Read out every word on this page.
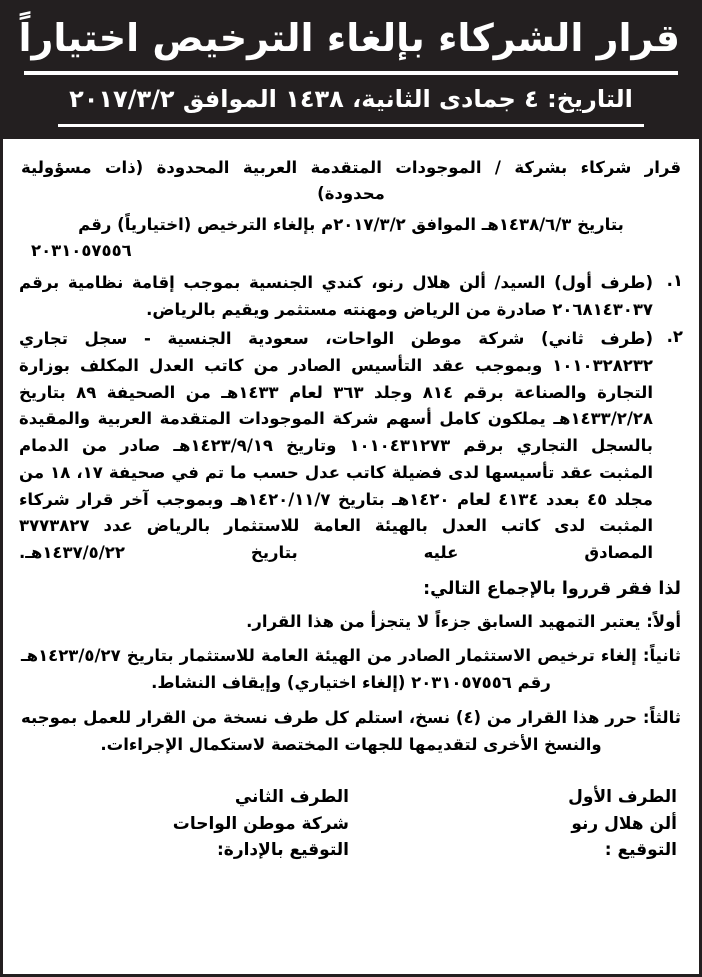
قرار الشركاء بإلغاء الترخيص اختياراً
التاريخ: ٤ جمادى الثانية، ١٤٣٨ الموافق ٢٠١٧/٣/٢
قرار شركاء بشركة / الموجودات المتقدمة العربية المحدودة (ذات مسؤولية محدودة)
بتاريخ ١٤٣٨/٦/٣هـ الموافق ٢٠١٧/٣/٢م بإلغاء الترخيص (اختيارياً) رقم
٢٠٣١٠٥٧٥٥٦
١.
(طرف أول) السيد/ ألن هلال رنو، كندي الجنسية بموجب إقامة نظامية برقم ٢٠٦٨١٤٣٠٣٧ صادرة من الرياض ومهنته مستثمر ويقيم بالرياض.
٢.
(طرف ثاني) شركة موطن الواحات، سعودية الجنسية - سجل تجاري ١٠١٠٣٢٨٢٣٢ وبموجب عقد التأسيس الصادر من كاتب العدل المكلف بوزارة التجارة والصناعة برقم ٨١٤ وجلد ٣٦٣ لعام ١٤٣٣هـ من الصحيفة ٨٩ بتاريخ ١٤٣٣/٢/٢٨هـ يملكون كامل أسهم شركة الموجودات المتقدمة العربية والمقيدة بالسجل التجاري برقم ١٠١٠٤٣١٢٧٣ وتاريخ ١٤٢٣/٩/١٩هـ صادر من الدمام المثبت عقد تأسيسها لدى فضيلة كاتب عدل حسب ما تم في صحيفة ١٧، ١٨ من مجلد ٤٥ بعدد ٤١٣٤ لعام ١٤٢٠هـ بتاريخ ١٤٢٠/١١/٧هـ وبموجب آخر قرار شركاء المثبت لدى كاتب العدل بالهيئة العامة للاستثمار بالرياض عدد ٣٧٧٣٨٢٧ المصادق عليه بتاريخ ١٤٣٧/٥/٢٢هـ.
لذا فقر قرروا بالإجماع التالي:
أولاً: يعتبر التمهيد السابق جزءاً لا يتجزأ من هذا القرار.
ثانياً: إلغاء ترخيص الاستثمار الصادر من الهيئة العامة للاستثمار بتاريخ ١٤٢٣/٥/٢٧هـ رقم ٢٠٣١٠٥٧٥٥٦ (إلغاء اختياري) وإيقاف النشاط.
ثالثاً: حرر هذا القرار من (٤) نسخ، استلم كل طرف نسخة من القرار للعمل بموجبه والنسخ الأخرى لتقديمها للجهات المختصة لاستكمال الإجراءات.
الطرف الأول
ألن هلال رنو
التوقيع :
الطرف الثاني
شركة موطن الواحات
التوقيع بالإدارة:
